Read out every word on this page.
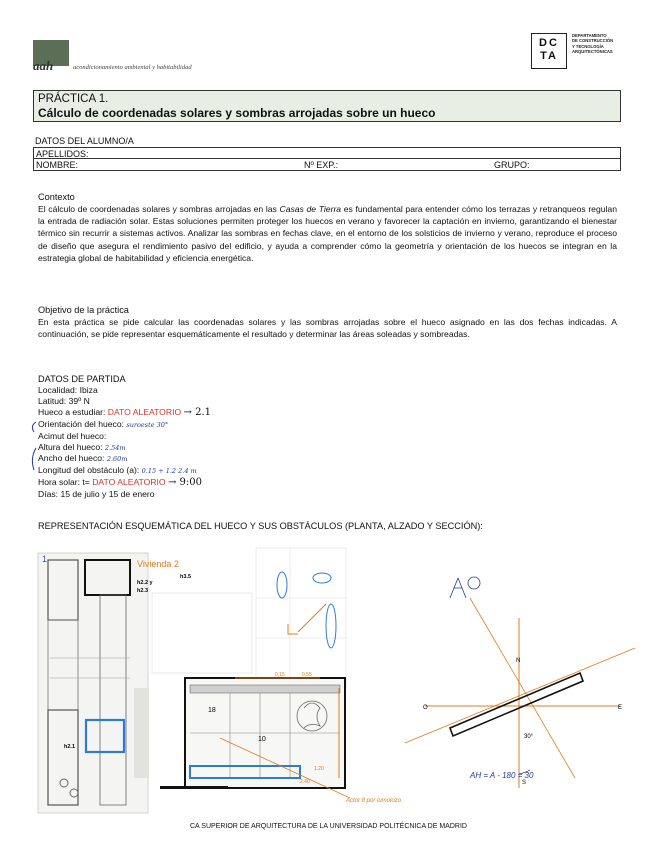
aah	acondicionamiento ambiental y habitabilidad
DC
TA
DEPARTAMENTO
DE CONSTRUCCIÓN
Y TECNOLOGÍA
ARQUITECTÓNICAS
PRÁCTICA 1.
Cálculo de coordenadas solares y sombras arrojadas sobre un hueco
DATOS DEL ALUMNO/A
APELLIDOS:
NOMBRE:	Nº EXP.:	GRUPO:
Contexto
El cálculo de coordenadas solares y sombras arrojadas en las Casas de Tierra es fundamental para entender cómo los terrazas y retranqueos regulan la entrada de radiación solar. Estas soluciones permiten proteger los huecos en verano y favorecer la captación en invierno, garantizando el bienestar térmico sin recurrir a sistemas activos. Analizar las sombras en fechas clave, en el entorno de los solsticios de invierno y verano, reproduce el proceso de diseño que asegura el rendimiento pasivo del edificio, y ayuda a comprender cómo la geometría y orientación de los huecos se integran en la estrategia global de habitabilidad y eficiencia energética.
Objetivo de la práctica
En esta práctica se pide calcular las coordenadas solares y las sombras arrojadas sobre el hueco asignado en las dos fechas indicadas. A continuación, se pide representar esquemáticamente el resultado y determinar las áreas soleadas y sombreadas.
DATOS DE PARTIDA
Localidad: Ibiza
Latitud: 39º N
Hueco a estudiar: DATO ALEATORIO → 2.1
Orientación del hueco: suroeste 30°
Acimut del hueco:
Altura del hueco: 2.54m
Ancho del hueco: 2.60m
Longitud del obstáculo (a): 0.15 + 1.2 2.4 m
Hora solar: t= DATO ALEATORIO → 9:00
Días: 15 de julio y 15 de enero
REPRESENTACIÓN ESQUEMÁTICA DEL HUECO Y SUS OBSTÁCULOS (PLANTA, ALZADO Y SECCIÓN):
1	Vivienda 2
h2.2 y
h2.3
h3.5
h2.1
18
10
0,15	0,55
1.20
2.40
Actor 8 por lumolozo
N
E
S
O
30°
AH = A - 180 = 30
CA SUPERIOR DE ARQUITECTURA DE LA UNIVERSIDAD POLITÉCNICA DE MADRID
